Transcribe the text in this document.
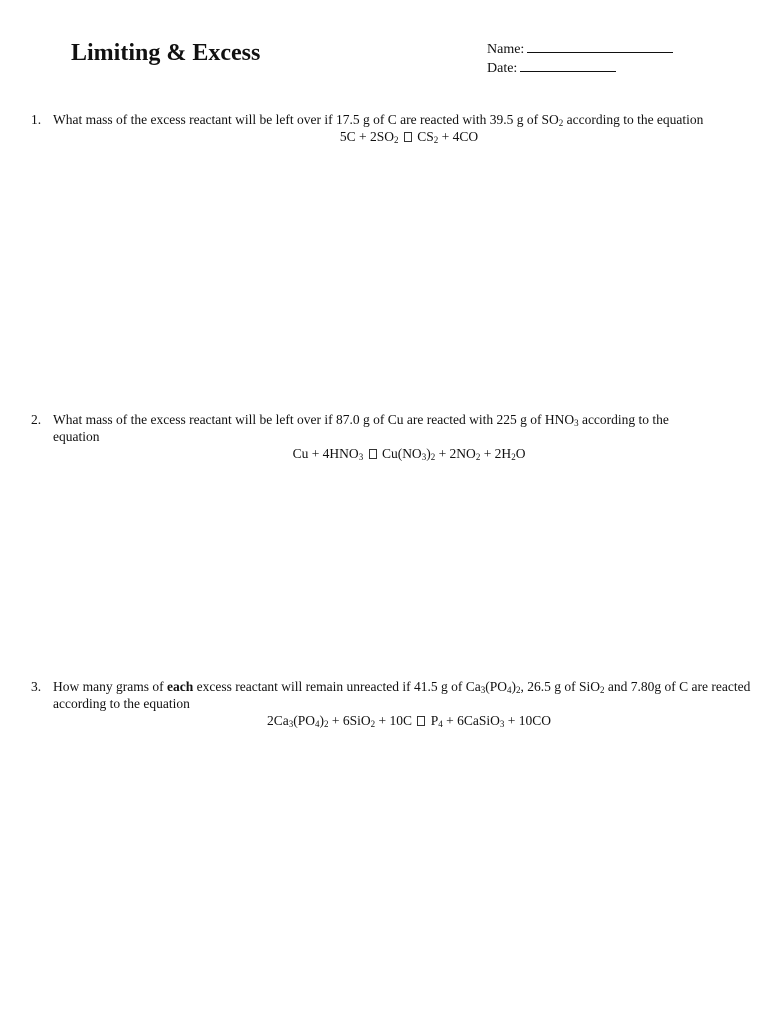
Limiting & Excess	Name:
Date:
1. What mass of the excess reactant will be left over if 17.5 g of C are reacted with 39.5 g of $SO_2$ according to the equation
$5C + 2SO_2$ $CS_2 + 4CO$
2. What mass of the excess reactant will be left over if 87.0 g of Cu are reacted with 225 g of $HNO_3$ according to the equation
$Cu + 4HNO_3$ $Cu(NO_3)_2 + 2NO_2 + 2H_2O$
3. How many grams of each excess reactant will remain unreacted if 41.5 g of $Ca_3(PO_4)_2$, 26.5 g of SiO$_2$ and 7.80g of C are reacted according to the equation
$2Ca_3(PO_4)_2 + 6SiO_2 + 10C$ $P_4$ + 6CaSiO$_3$ + 10CO
